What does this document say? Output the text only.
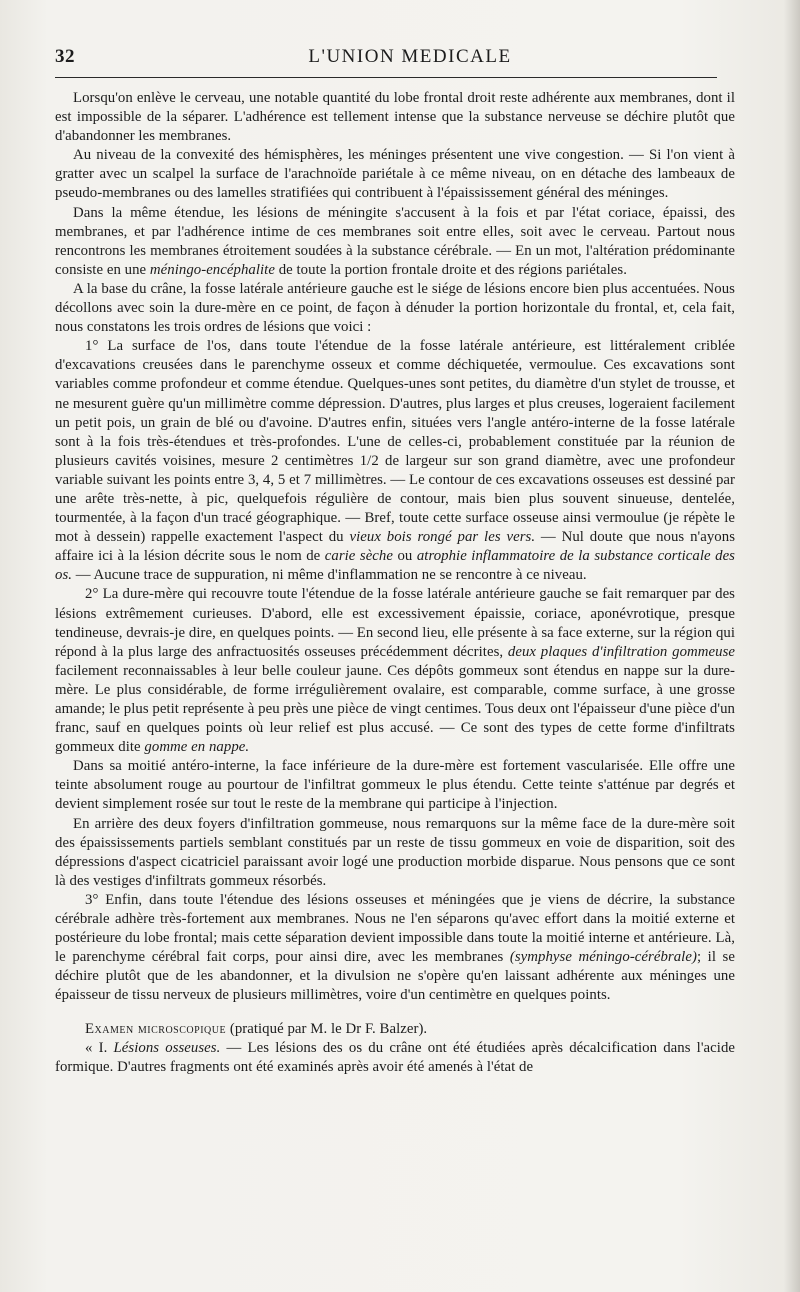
32	L'UNION MEDICALE

Lorsqu'on enlève le cerveau, une notable quantité du lobe frontal droit reste adhérente aux membranes, dont il est impossible de la séparer. L'adhérence est tellement intense que la substance nerveuse se déchire plutôt que d'abandonner les membranes.

Au niveau de la convexité des hémisphères, les méninges présentent une vive congestion. — Si l'on vient à gratter avec un scalpel la surface de l'arachnoïde pariétale à ce même niveau, on en détache des lambeaux de pseudo-membranes ou des lamelles stratifiées qui contribuent à l'épaississement général des méninges.

Dans la même étendue, les lésions de méningite s'accusent à la fois et par l'état coriace, épaissi, des membranes, et par l'adhérence intime de ces membranes soit entre elles, soit avec le cerveau. Partout nous rencontrons les membranes étroitement soudées à la substance cérébrale. — En un mot, l'altération prédominante consiste en une méningo-encéphalite de toute la portion frontale droite et des régions pariétales.

A la base du crâne, la fosse latérale antérieure gauche est le siége de lésions encore bien plus accentuées. Nous décollons avec soin la dure-mère en ce point, de façon à dénuder la portion horizontale du frontal, et, cela fait, nous constatons les trois ordres de lésions que voici :

1° La surface de l'os, dans toute l'étendue de la fosse latérale antérieure, est littéralement criblée d'excavations creusées dans le parenchyme osseux et comme déchiquetée, vermoulue. Ces excavations sont variables comme profondeur et comme étendue. Quelques-unes sont petites, du diamètre d'un stylet de trousse, et ne mesurent guère qu'un millimètre comme dépression. D'autres, plus larges et plus creuses, logeraient facilement un petit pois, un grain de blé ou d'avoine. D'autres enfin, situées vers l'angle antéro-interne de la fosse latérale sont à la fois très-étendues et très-profondes. L'une de celles-ci, probablement constituée par la réunion de plusieurs cavités voisines, mesure 2 centimètres 1/2 de largeur sur son grand diamètre, avec une profondeur variable suivant les points entre 3, 4, 5 et 7 millimètres. — Le contour de ces excavations osseuses est dessiné par une arête très-nette, à pic, quelquefois régulière de contour, mais bien plus souvent sinueuse, dentelée, tourmentée, à la façon d'un tracé géographique. — Bref, toute cette surface osseuse ainsi vermoulue (je répète le mot à dessein) rappelle exactement l'aspect du vieux bois rongé par les vers. — Nul doute que nous n'ayons affaire ici à la lésion décrite sous le nom de carie sèche ou atrophie inflammatoire de la substance corticale des os. — Aucune trace de suppuration, ni même d'inflammation ne se rencontre à ce niveau.

2° La dure-mère qui recouvre toute l'étendue de la fosse latérale antérieure gauche se fait remarquer par des lésions extrêmement curieuses. D'abord, elle est excessivement épaissie, coriace, aponévrotique, presque tendineuse, devrais-je dire, en quelques points. — En second lieu, elle présente à sa face externe, sur la région qui répond à la plus large des anfractuosités osseuses précédemment décrites, deux plaques d'infiltration gommeuse facilement reconnaissables à leur belle couleur jaune. Ces dépôts gommeux sont étendus en nappe sur la dure-mère. Le plus considérable, de forme irrégulièrement ovalaire, est comparable, comme surface, à une grosse amande; le plus petit représente à peu près une pièce de vingt centimes. Tous deux ont l'épaisseur d'une pièce d'un franc, sauf en quelques points où leur relief est plus accusé. — Ce sont des types de cette forme d'infiltrats gommeux dite gomme en nappe.

Dans sa moitié antéro-interne, la face inférieure de la dure-mère est fortement vascularisée. Elle offre une teinte absolument rouge au pourtour de l'infiltrat gommeux le plus étendu. Cette teinte s'atténue par degrés et devient simplement rosée sur tout le reste de la membrane qui participe à l'injection.

En arrière des deux foyers d'infiltration gommeuse, nous remarquons sur la même face de la dure-mère soit des épaississements partiels semblant constitués par un reste de tissu gommeux en voie de disparition, soit des dépressions d'aspect cicatriciel paraissant avoir logé une production morbide disparue. Nous pensons que ce sont là des vestiges d'infiltrats gommeux résorbés.

3° Enfin, dans toute l'étendue des lésions osseuses et méningées que je viens de décrire, la substance cérébrale adhère très-fortement aux membranes. Nous ne l'en séparons qu'avec effort dans la moitié externe et postérieure du lobe frontal; mais cette séparation devient impossible dans toute la moitié interne et antérieure. Là, le parenchyme cérébral fait corps, pour ainsi dire, avec les membranes (symphyse méningo-cérébrale); il se déchire plutôt que de les abandonner, et la divulsion ne s'opère qu'en laissant adhérente aux méninges une épaisseur de tissu nerveux de plusieurs millimètres, voire d'un centimètre en quelques points.

Examen microscopique (pratiqué par M. le Dr F. Balzer).

« I. Lésions osseuses. — Les lésions des os du crâne ont été étudiées après décalcification dans l'acide formique. D'autres fragments ont été examinés après avoir été amenés à l'état de
